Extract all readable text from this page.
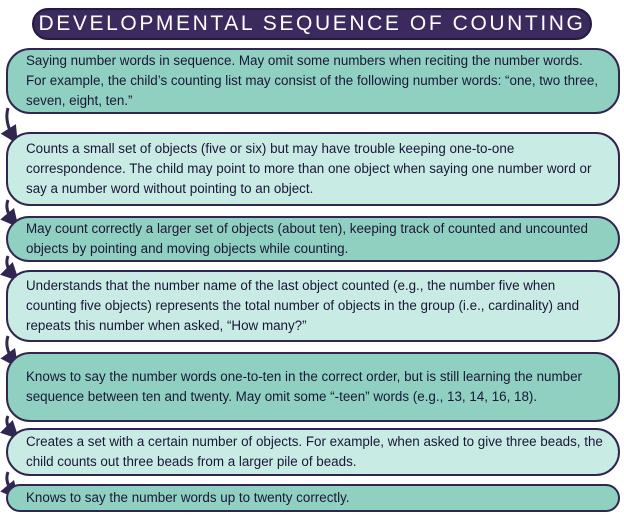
DEVELOPMENTAL SEQUENCE OF COUNTING
Saying number words in sequence. May omit some numbers when reciting the number words. For example, the child’s counting list may consist of the following number words: “one, two three, seven, eight, ten.”
Counts a small set of objects (five or six) but may have trouble keeping one-to-one correspondence. The child may point to more than one object when saying one number word or say a number word without pointing to an object.
May count correctly a larger set of objects (about ten), keeping track of counted and uncounted objects by pointing and moving objects while counting.
Understands that the number name of the last object counted (e.g., the number five when counting five objects) represents the total number of objects in the group (i.e., cardinality) and repeats this number when asked, “How many?”
Knows to say the number words one-to-ten in the correct order, but is still learning the number sequence between ten and twenty. May omit some “-teen” words (e.g., 13, 14, 16, 18).
Creates a set with a certain number of objects. For example, when asked to give three beads, the child counts out three beads from a larger pile of beads.
Knows to say the number words up to twenty correctly.
